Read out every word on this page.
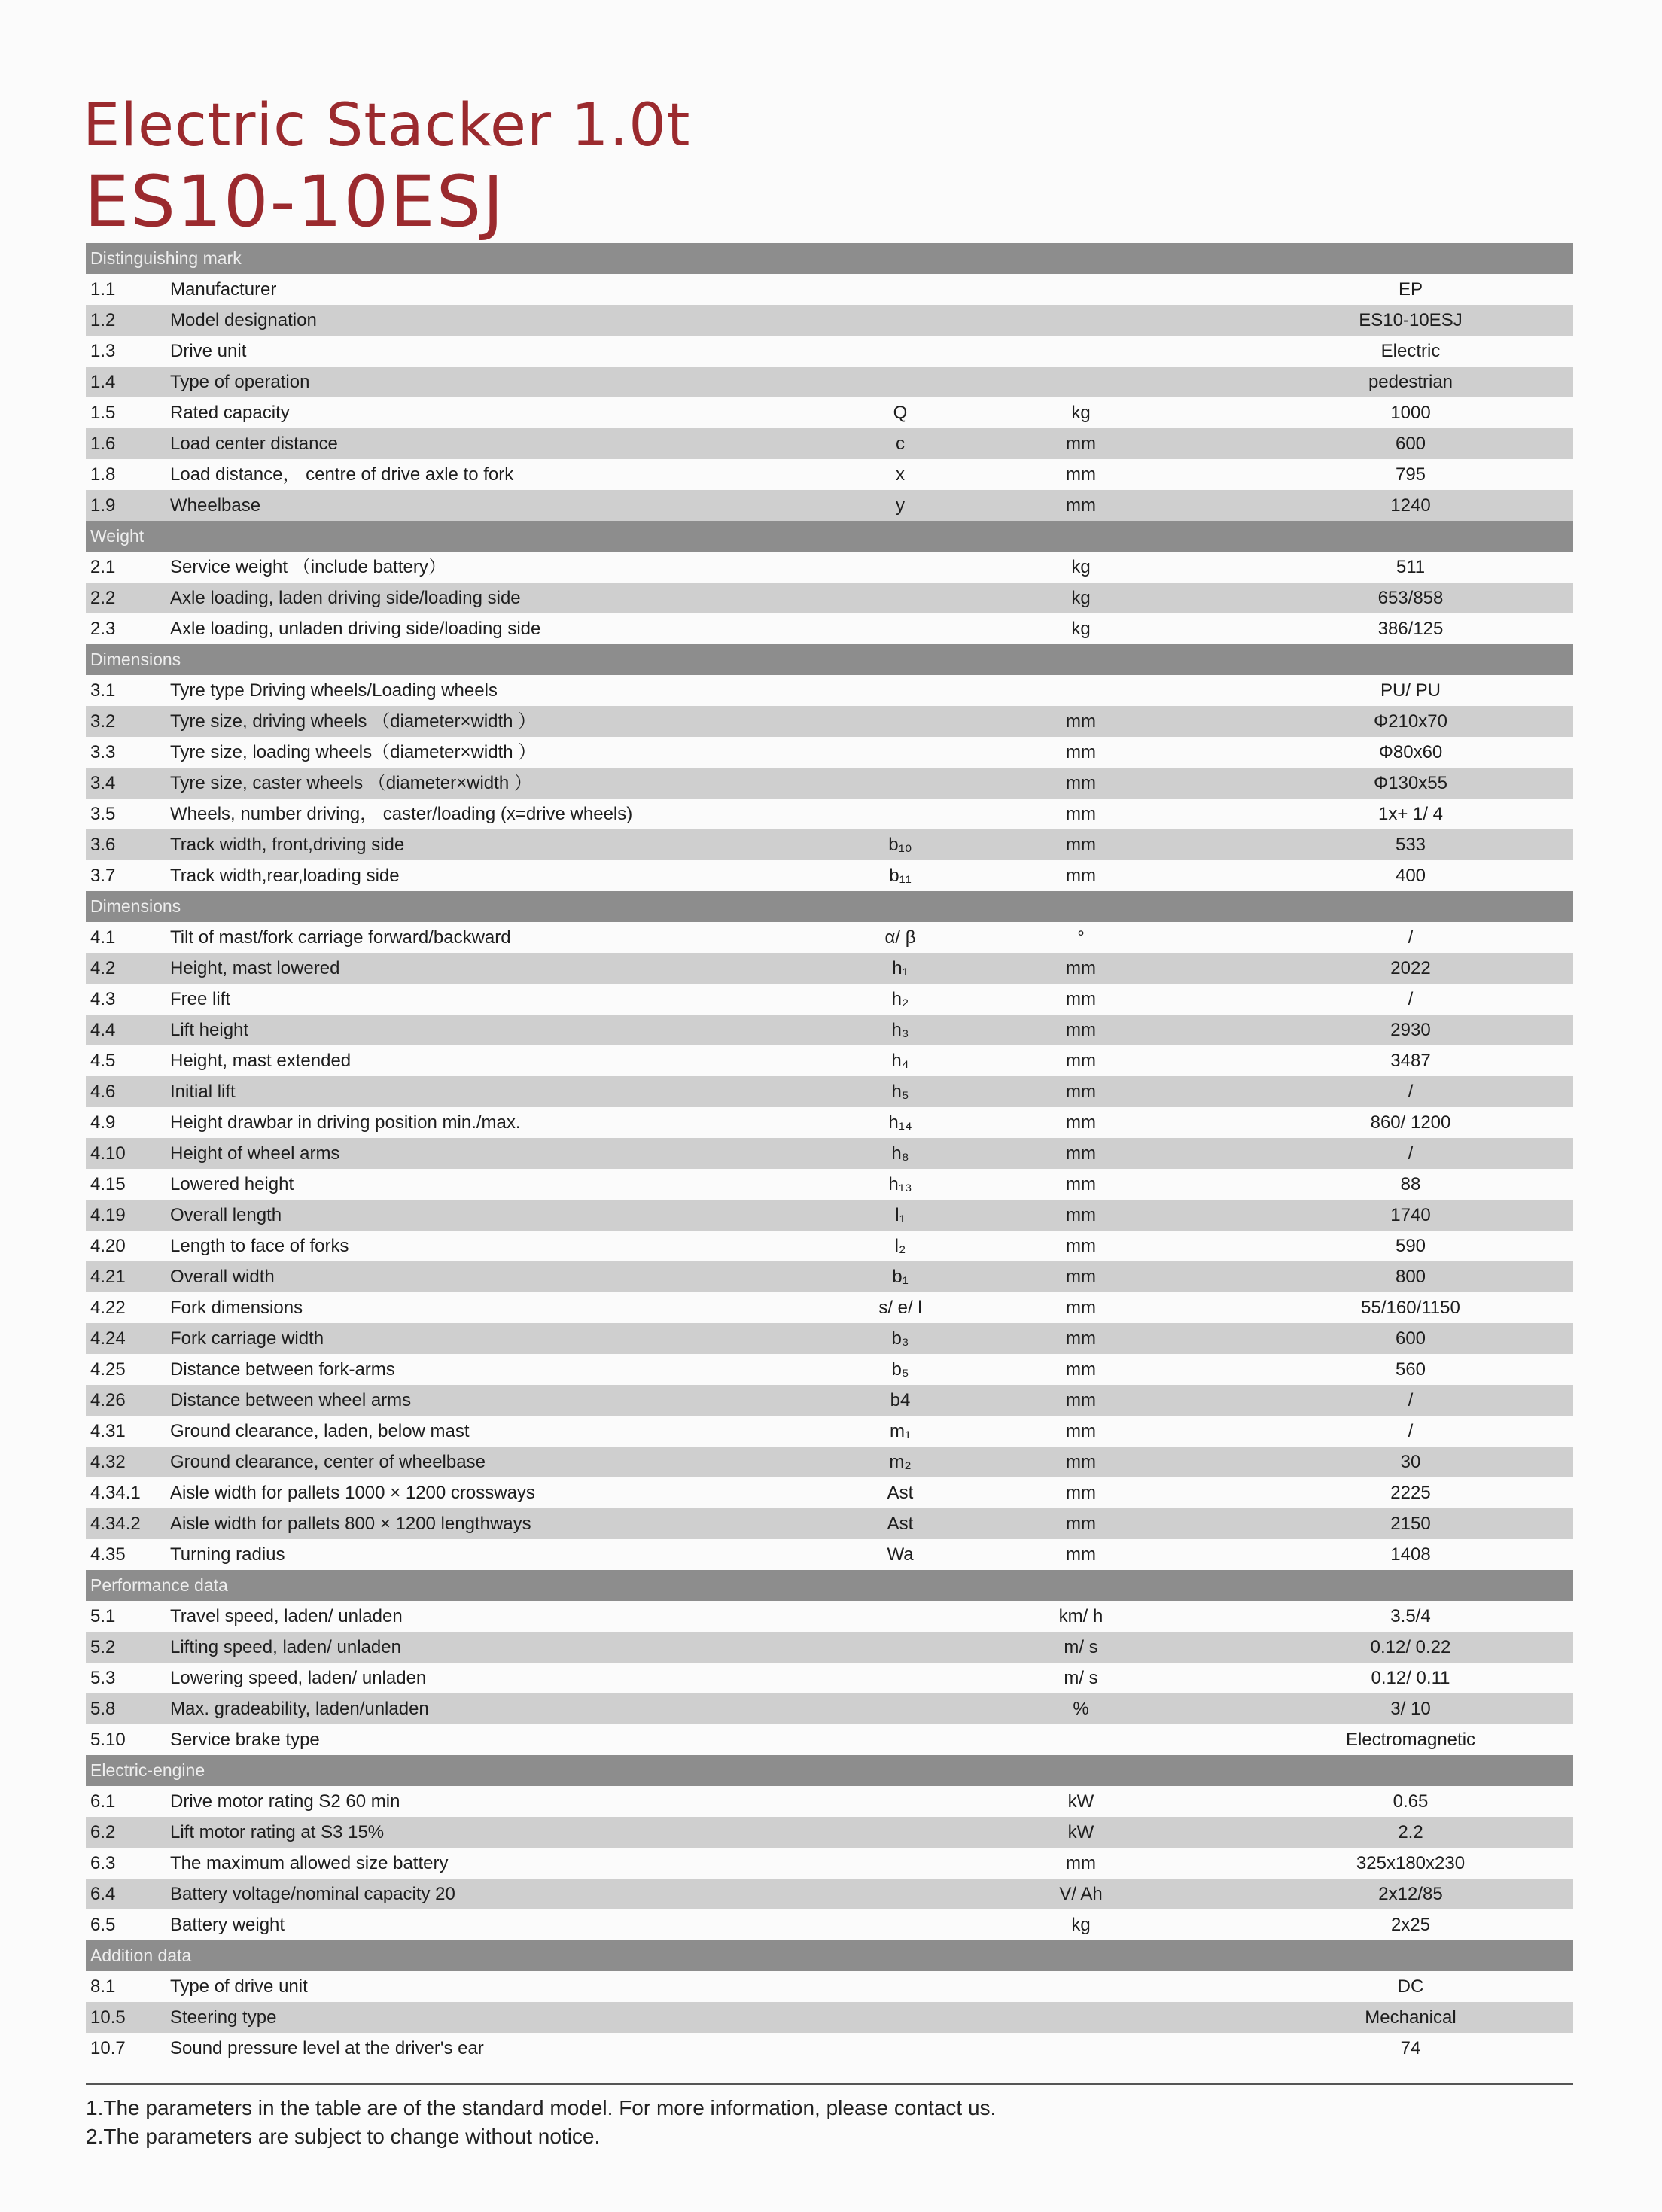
Electric Stacker 1.0t
ES10-10ESJ
Distinguishing mark
1.1	Manufacturer	EP
1.2	Model designation	ES10-10ESJ
1.3	Drive unit	Electric
1.4	Type of operation	pedestrian
1.5	Rated capacity	Q	kg	1000
1.6	Load center distance	c	mm	600
1.8	Load distance， centre of drive axle to fork	x	mm	795
1.9	Wheelbase	y	mm	1240
Weight
2.1	Service weight （include battery）	kg	511
2.2	Axle loading, laden driving side/loading side	kg	653/858
2.3	Axle loading, unladen driving side/loading side	kg	386/125
Dimensions
3.1	Tyre type Driving wheels/Loading wheels	PU/ PU
3.2	Tyre size, driving wheels （diameter×width ）	mm	Φ210x70
3.3	Tyre size, loading wheels（diameter×width ）	mm	Φ80x60
3.4	Tyre size, caster wheels （diameter×width ）	mm	Φ130x55
3.5	Wheels, number driving， caster/loading (x=drive wheels)	mm	1x+ 1/ 4
3.6	Track width, front,driving side	b₁₀	mm	533
3.7	Track width,rear,loading side	b₁₁	mm	400
Dimensions
4.1	Tilt of mast/fork carriage forward/backward	α/ β	°	/
4.2	Height, mast lowered	h₁	mm	2022
4.3	Free lift	h₂	mm	/
4.4	Lift height	h₃	mm	2930
4.5	Height, mast extended	h₄	mm	3487
4.6	Initial lift	h₅	mm	/
4.9	Height drawbar in driving position min./max.	h₁₄	mm	860/ 1200
4.10 Height of wheel arms	h₈	mm	/
4.15 Lowered height	h₁₃	mm	88
4.19 Overall length	l₁	mm	1740
4.20 Length to face of forks	l₂	mm	590
4.21 Overall width	b₁	mm	800
4.22 Fork dimensions	s/ e/ l	mm	55/160/1150
4.24 Fork carriage width	b₃	mm	600
4.25 Distance between fork-arms	b₅	mm	560
4.26 Distance between wheel arms	b4	mm	/
4.31 Ground clearance, laden, below mast	m₁	mm	/
4.32 Ground clearance, center of wheelbase	m₂	mm	30
4.34.1 Aisle width for pallets 1000 × 1200 crossways	Ast	mm	2225
4.34.2 Aisle width for pallets 800 × 1200 lengthways	Ast	mm	2150
4.35 Turning radius	Wa	mm	1408
Performance data
5.1	Travel speed, laden/ unladen	km/ h	3.5/4
5.2	Lifting speed, laden/ unladen	m/ s	0.12/ 0.22
5.3	Lowering speed, laden/ unladen	m/ s	0.12/ 0.11
5.8	Max. gradeability, laden/unladen	%	3/ 10
5.10 Service brake type	Electromagnetic
Electric-engine
6.1	Drive motor rating S2 60 min	kW	0.65
6.2	Lift motor rating at S3 15%	kW	2.2
6.3	The maximum allowed size battery	mm	325x180x230
6.4	Battery voltage/nominal capacity 20	V/ Ah	2x12/85
6.5	Battery weight	kg	2x25
Addition data
8.1	Type of drive unit	DC
10.5 Steering type	Mechanical
10.7 Sound pressure level at the driver's ear	74
1.The parameters in the table are of the standard model. For more information, please contact us.
2.The parameters are subject to change without notice.
